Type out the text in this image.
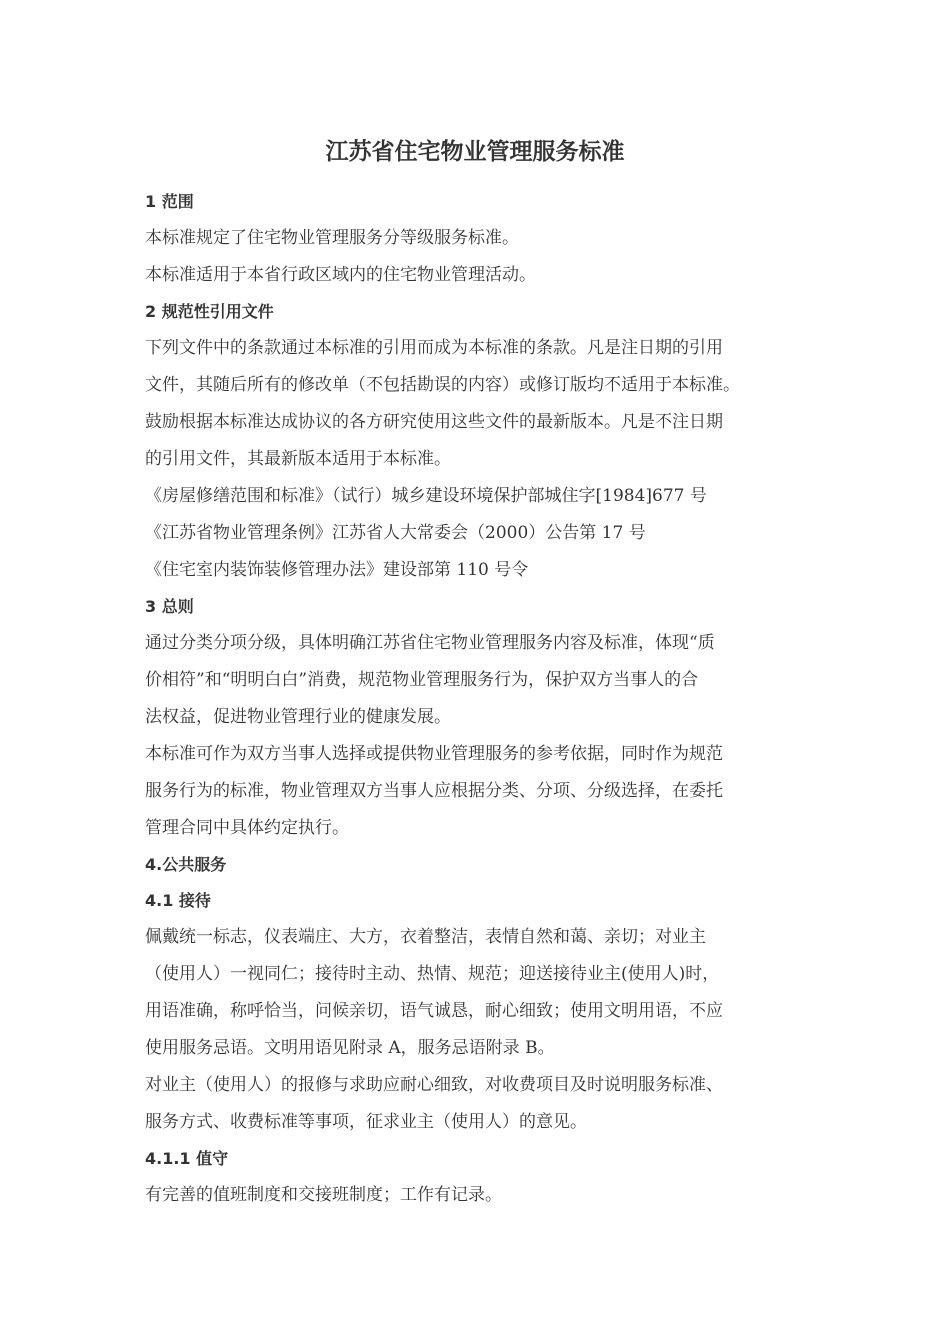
江苏省住宅物业管理服务标准
1 范围
本标准规定了住宅物业管理服务分等级服务标准。
本标准适用于本省行政区域内的住宅物业管理活动。
2 规范性引用文件
下列文件中的条款通过本标准的引用而成为本标准的条款。凡是注日期的引用
文件，其随后所有的修改单（不包括勘误的内容）或修订版均不适用于本标准。
鼓励根据本标准达成协议的各方研究使用这些文件的最新版本。凡是不注日期
的引用文件，其最新版本适用于本标准。
《房屋修缮范围和标准》（试行）城乡建设环境保护部城住字[1984]677 号
《江苏省物业管理条例》江苏省人大常委会（2000）公告第 17 号
《住宅室内装饰装修管理办法》建设部第 110 号令
3 总则
通过分类分项分级，具体明确江苏省住宅物业管理服务内容及标准，体现“质
价相符”和“明明白白”消费，规范物业管理服务行为，保护双方当事人的合
法权益，促进物业管理行业的健康发展。
本标准可作为双方当事人选择或提供物业管理服务的参考依据，同时作为规范
服务行为的标准，物业管理双方当事人应根据分类、分项、分级选择，在委托
管理合同中具体约定执行。
4.公共服务
4.1 接待
佩戴统一标志，仪表端庄、大方，衣着整洁，表情自然和蔼、亲切；对业主
（使用人）一视同仁；接待时主动、热情、规范；迎送接待业主(使用人)时，
用语准确，称呼恰当，问候亲切，语气诚恳，耐心细致；使用文明用语，不应
使用服务忌语。文明用语见附录 A，服务忌语附录 B。
对业主（使用人）的报修与求助应耐心细致，对收费项目及时说明服务标准、
服务方式、收费标准等事项，征求业主（使用人）的意见。
4.1.1 值守
有完善的值班制度和交接班制度；工作有记录。
